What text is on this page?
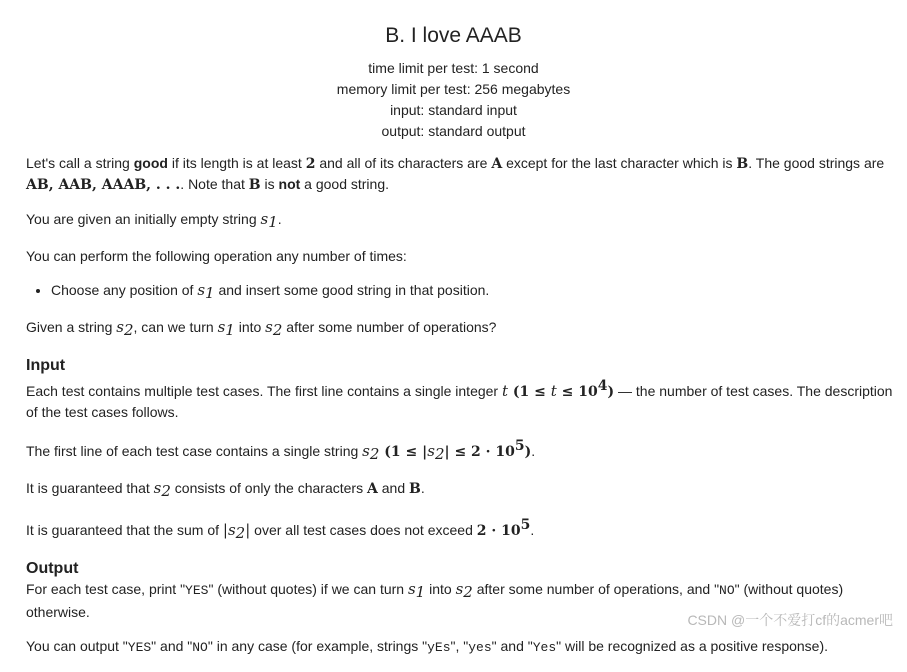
B. I love AAAB
time limit per test: 1 second
memory limit per test: 256 megabytes
input: standard input
output: standard output

Let's call a string good if its length is at least 2 and all of its characters are A except for the last character which is B. The good strings are
AB, AAB, AAAB, . . .. Note that B is not a good string.

You are given an initially empty string $s_1$.

You can perform the following operation any number of times:

• Choose any position of $s_1$ and insert some good string in that position.

Given a string $s_2$, can we turn $s_1$ into $s_2$ after some number of operations?

Input

Each test contains multiple test cases. The first line contains a single integer t $(1 \le t \le 10^4)$ — the number of test cases. The description of the test cases follows.

The first line of each test case contains a single string $s_2$ $(1 \le |s_2| \le 2 \cdot 10^5)$.

It is guaranteed that $s_2$ consists of only the characters A and B.

It is guaranteed that the sum of $|s_2|$ over all test cases does not exceed $2 \cdot 10^5$.

Output

For each test case, print "YES" (without quotes) if we can turn $s_1$ into $s_2$ after some number of operations, and "NO" (without quotes) otherwise.

You can output "YES" and "NO" in any case (for example, strings "yEs", "yes" and "Yes" will be recognized as a positive response).

CSDN @一个不爱打cf的acmer吧
